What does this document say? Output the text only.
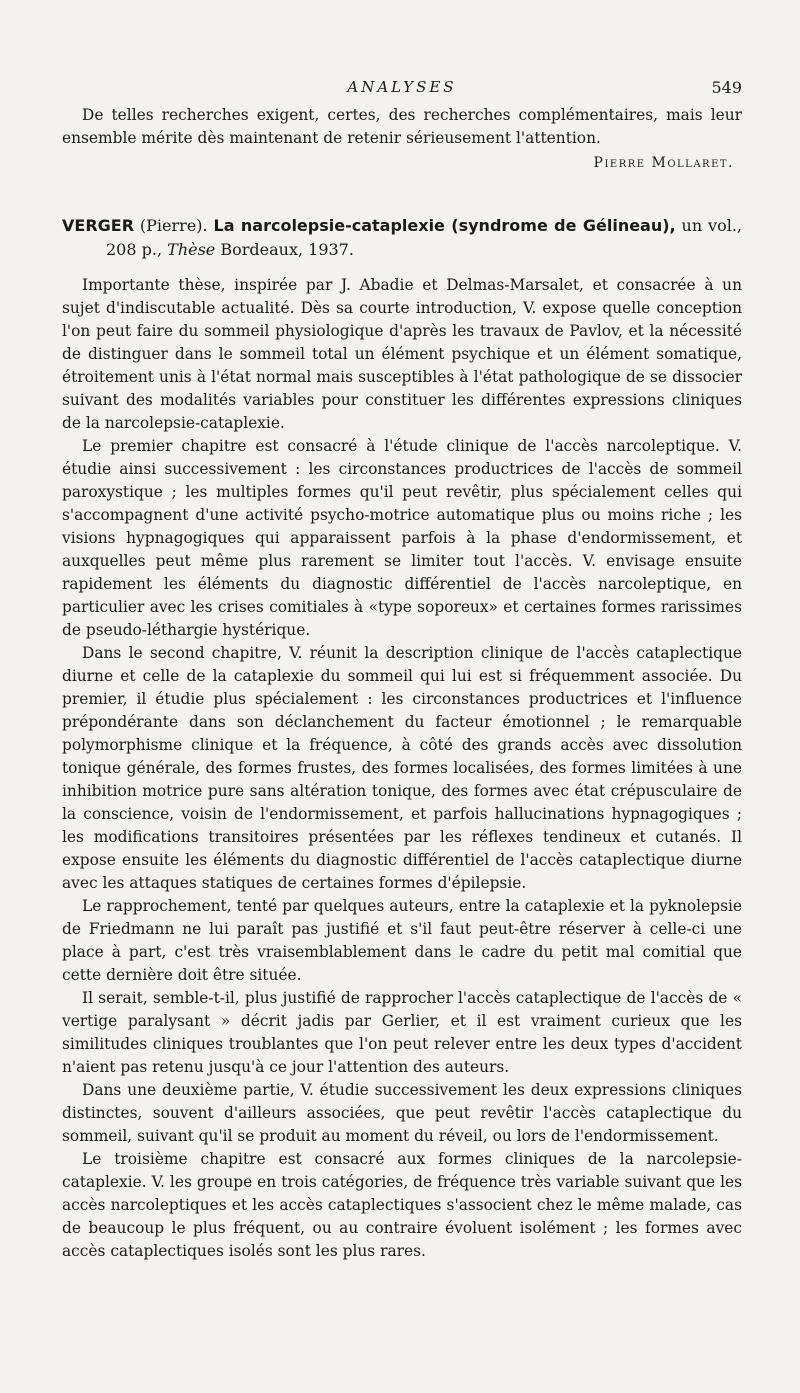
ANALYSES	549

De telles recherches exigent, certes, des recherches complémentaires, mais leur ensemble mérite dès maintenant de retenir sérieusement l'attention.

Pierre Mollaret.

VERGER (Pierre). La narcolepsie-cataplexie (syndrome de Gélineau), un vol., 208 p., Thèse Bordeaux, 1937.

Importante thèse, inspirée par J. Abadie et Delmas-Marsalet, et consacrée à un sujet d'indiscutable actualité. Dès sa courte introduction, V. expose quelle conception l'on peut faire du sommeil physiologique d'après les travaux de Pavlov, et la nécessité de distinguer dans le sommeil total un élément psychique et un élément somatique, étroitement unis à l'état normal mais susceptibles à l'état pathologique de se dissocier suivant des modalités variables pour constituer les différentes expressions cliniques de la narcolepsie-cataplexie.

Le premier chapitre est consacré à l'étude clinique de l'accès narcoleptique. V. étudie ainsi successivement : les circonstances productrices de l'accès de sommeil paroxystique ; les multiples formes qu'il peut revêtir, plus spécialement celles qui s'accompagnent d'une activité psycho-motrice automatique plus ou moins riche ; les visions hypnagogiques qui apparaissent parfois à la phase d'endormissement, et auxquelles peut même plus rarement se limiter tout l'accès. V. envisage ensuite rapidement les éléments du diagnostic différentiel de l'accès narcoleptique, en particulier avec les crises comitiales à «type soporeux» et certaines formes rarissimes de pseudo-léthargie hystérique.

Dans le second chapitre, V. réunit la description clinique de l'accès cataplectique diurne et celle de la cataplexie du sommeil qui lui est si fréquemment associée. Du premier, il étudie plus spécialement : les circonstances productrices et l'influence prépondérante dans son déclanchement du facteur émotionnel ; le remarquable polymorphisme clinique et la fréquence, à côté des grands accès avec dissolution tonique générale, des formes frustes, des formes localisées, des formes limitées à une inhibition motrice pure sans altération tonique, des formes avec état crépusculaire de la conscience, voisin de l'endormissement, et parfois hallucinations hypnagogiques ; les modifications transitoires présentées par les réflexes tendineux et cutanés. Il expose ensuite les éléments du diagnostic différentiel de l'accès cataplectique diurne avec les attaques statiques de certaines formes d'épilepsie.

Le rapprochement, tenté par quelques auteurs, entre la cataplexie et la pyknolepsie de Friedmann ne lui paraît pas justifié et s'il faut peut-être réserver à celle-ci une place à part, c'est très vraisemblablement dans le cadre du petit mal comitial que cette dernière doit être située.

Il serait, semble-t-il, plus justifié de rapprocher l'accès cataplectique de l'accès de « vertige paralysant » décrit jadis par Gerlier, et il est vraiment curieux que les similitudes cliniques troublantes que l'on peut relever entre les deux types d'accident n'aient pas retenu jusqu'à ce jour l'attention des auteurs.

Dans une deuxième partie, V. étudie successivement les deux expressions cliniques distinctes, souvent d'ailleurs associées, que peut revêtir l'accès cataplectique du sommeil, suivant qu'il se produit au moment du réveil, ou lors de l'endormissement.

Le troisième chapitre est consacré aux formes cliniques de la narcolepsie-cataplexie. V. les groupe en trois catégories, de fréquence très variable suivant que les accès narcoleptiques et les accès cataplectiques s'associent chez le même malade, cas de beaucoup le plus fréquent, ou au contraire évoluent isolément ; les formes avec accès cataplectiques isolés sont les plus rares.
